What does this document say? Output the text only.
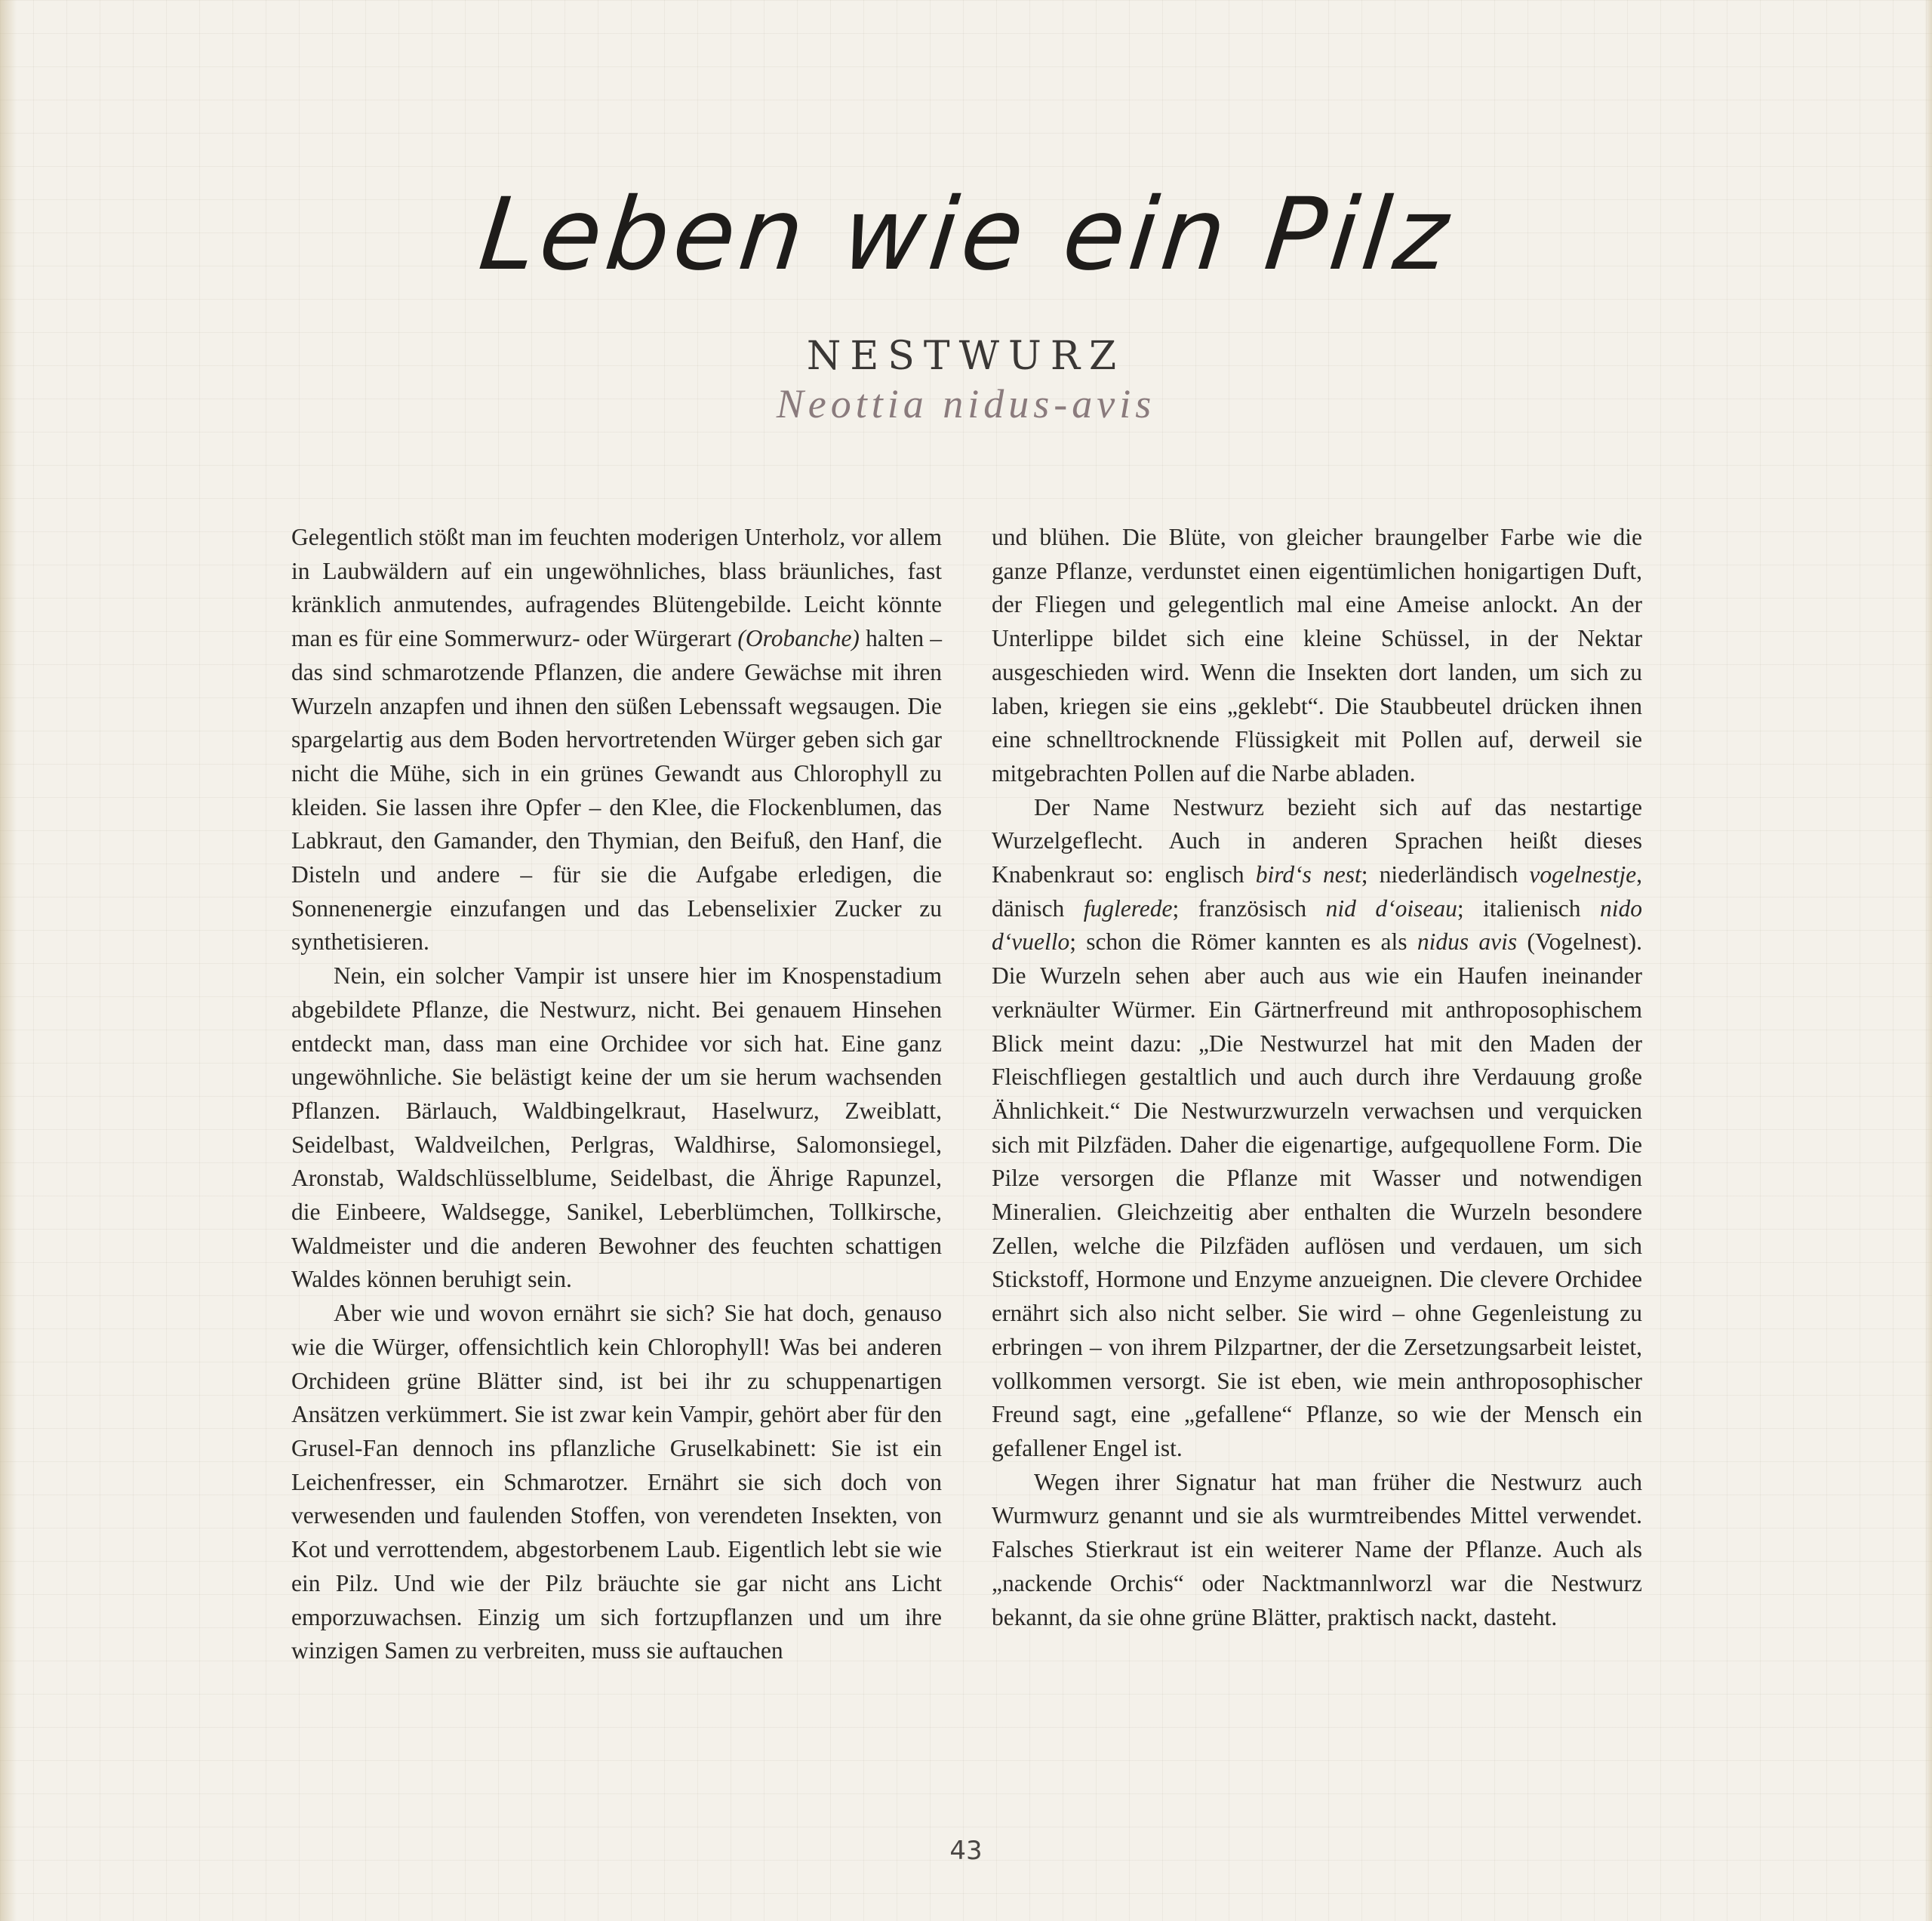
Leben wie ein Pilz
NESTWURZ
Neottia nidus-avis

Gelegentlich stößt man im feuchten moderigen Unterholz, vor allem in Laubwäldern auf ein ungewöhnliches, blass bräunliches, fast kränklich anmutendes, aufragendes Blütengebilde. Leicht könnte man es für eine Sommerwurz- oder Würgerart (Orobanche) halten – das sind schmarotzende Pflanzen, die andere Gewächse mit ihren Wurzeln anzapfen und ihnen den süßen Lebenssaft wegsaugen. Die spargelartig aus dem Boden hervortretenden Würger geben sich gar nicht die Mühe, sich in ein grünes Gewandt aus Chlorophyll zu kleiden. Sie lassen ihre Opfer – den Klee, die Flockenblumen, das Labkraut, den Gamander, den Thymian, den Beifuß, den Hanf, die Disteln und andere – für sie die Aufgabe erledigen, die Sonnenenergie einzufangen und das Lebenselixier Zucker zu synthetisieren.

Nein, ein solcher Vampir ist unsere hier im Knospenstadium abgebildete Pflanze, die Nestwurz, nicht. Bei genauem Hinsehen entdeckt man, dass man eine Orchidee vor sich hat. Eine ganz ungewöhnliche. Sie belästigt keine der um sie herum wachsenden Pflanzen. Bärlauch, Waldbingelkraut, Haselwurz, Zweiblatt, Seidelbast, Waldveilchen, Perlgras, Waldhirse, Salomonsiegel, Aronstab, Waldschlüsselblume, Seidelbast, die Ährige Rapunzel, die Einbeere, Waldsegge, Sanikel, Leberblümchen, Tollkirsche, Waldmeister und die anderen Bewohner des feuchten schattigen Waldes können beruhigt sein.

Aber wie und wovon ernährt sie sich? Sie hat doch, genauso wie die Würger, offensichtlich kein Chlorophyll! Was bei anderen Orchideen grüne Blätter sind, ist bei ihr zu schuppenartigen Ansätzen verkümmert. Sie ist zwar kein Vampir, gehört aber für den Grusel-Fan dennoch ins pflanzliche Gruselkabinett: Sie ist ein Leichenfresser, ein Schmarotzer. Ernährt sie sich doch von verwesenden und faulenden Stoffen, von verendeten Insekten, von Kot und verrottendem, abgestorbenem Laub. Eigentlich lebt sie wie ein Pilz. Und wie der Pilz bräuchte sie gar nicht ans Licht emporzuwachsen. Einzig um sich fortzupflanzen und um ihre winzigen Samen zu verbreiten, muss sie auftauchen

und blühen. Die Blüte, von gleicher braungelber Farbe wie die ganze Pflanze, verdunstet einen eigentümlichen honigartigen Duft, der Fliegen und gelegentlich mal eine Ameise anlockt. An der Unterlippe bildet sich eine kleine Schüssel, in der Nektar ausgeschieden wird. Wenn die Insekten dort landen, um sich zu laben, kriegen sie eins „geklebt“. Die Staubbeutel drücken ihnen eine schnelltrocknende Flüssigkeit mit Pollen auf, derweil sie mitgebrachten Pollen auf die Narbe abladen.

Der Name Nestwurz bezieht sich auf das nestartige Wurzelgeflecht. Auch in anderen Sprachen heißt dieses Knabenkraut so: englisch bird‘s nest; niederländisch vogelnestje, dänisch fuglerede; französisch nid d‘oiseau; italienisch nido d‘vuello; schon die Römer kannten es als nidus avis (Vogelnest). Die Wurzeln sehen aber auch aus wie ein Haufen ineinander verknäulter Würmer. Ein Gärtnerfreund mit anthroposophischem Blick meint dazu: „Die Nestwurzel hat mit den Maden der Fleischfliegen gestaltlich und auch durch ihre Verdauung große Ähnlichkeit.“ Die Nestwurzwurzeln verwachsen und verquicken sich mit Pilzfäden. Daher die eigenartige, aufgequollene Form. Die Pilze versorgen die Pflanze mit Wasser und notwendigen Mineralien. Gleichzeitig aber enthalten die Wurzeln besondere Zellen, welche die Pilzfäden auflösen und verdauen, um sich Stickstoff, Hormone und Enzyme anzueignen. Die clevere Orchidee ernährt sich also nicht selber. Sie wird – ohne Gegenleistung zu erbringen – von ihrem Pilzpartner, der die Zersetzungsarbeit leistet, vollkommen versorgt. Sie ist eben, wie mein anthroposophischer Freund sagt, eine „gefallene“ Pflanze, so wie der Mensch ein gefallener Engel ist.

Wegen ihrer Signatur hat man früher die Nestwurz auch Wurmwurz genannt und sie als wurmtreibendes Mittel verwendet. Falsches Stierkraut ist ein weiterer Name der Pflanze. Auch als „nackende Orchis“ oder Nacktmannlworzl war die Nestwurz bekannt, da sie ohne grüne Blätter, praktisch nackt, dasteht.

43
